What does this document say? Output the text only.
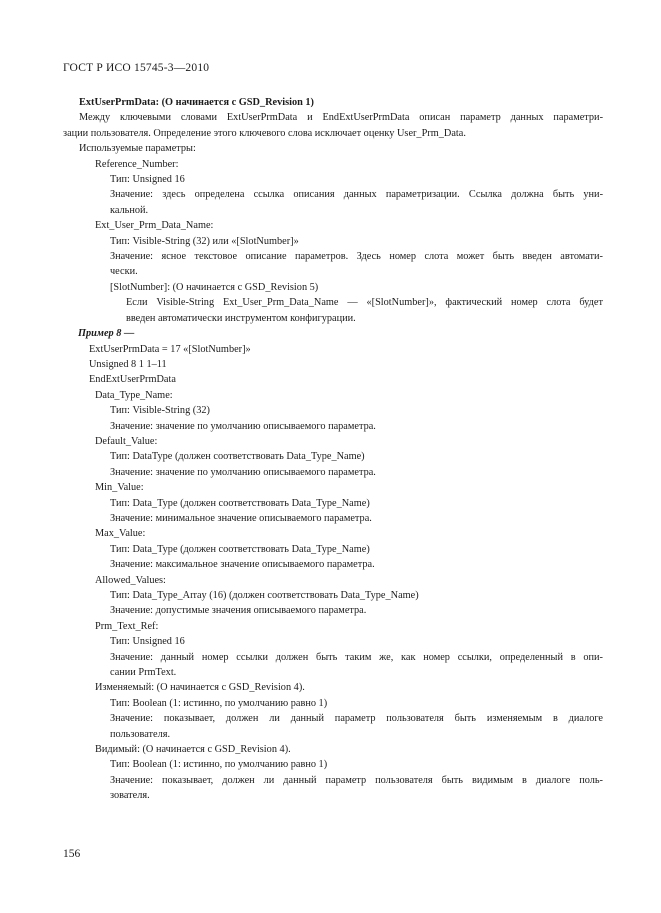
ГОСТ Р ИСО 15745-3—2010
ExtUserPrmData: (О начинается с GSD_Revision 1)
Между ключевыми словами ExtUserPrmData и EndExtUserPrmData описан параметр данных параметри-
зации пользователя. Определение этого ключевого слова исключает оценку User_Prm_Data.
Используемые параметры:
Reference_Number:
Тип: Unsigned 16
Значение: здесь определена ссылка описания данных параметризации. Ссылка должна быть уни-
кальной.
Ext_User_Prm_Data_Name:
Тип: Visible-String (32) или «[SlotNumber]»
Значение: ясное текстовое описание параметров. Здесь номер слота может быть введен автомати-
чески.
[SlotNumber]: (О начинается с GSD_Revision 5)
Если Visible-String Ext_User_Prm_Data_Name — «[SlotNumber]», фактический номер слота будет
введен автоматически инструментом конфигурации.
Пример 8 —
ExtUserPrmData = 17 «[SlotNumber]»
Unsigned 8 1 1–11
EndExtUserPrmData
Data_Type_Name:
Тип: Visible-String (32)
Значение: значение по умолчанию описываемого параметра.
Default_Value:
Тип: DataType (должен соответствовать Data_Type_Name)
Значение: значение по умолчанию описываемого параметра.
Min_Value:
Тип: Data_Type (должен соответствовать Data_Type_Name)
Значение: минимальное значение описываемого параметра.
Max_Value:
Тип: Data_Type (должен соответствовать Data_Type_Name)
Значение: максимальное значение описываемого параметра.
Allowed_Values:
Тип: Data_Type_Array (16) (должен соответствовать Data_Type_Name)
Значение: допустимые значения описываемого параметра.
Prm_Text_Ref:
Тип: Unsigned 16
Значение: данный номер ссылки должен быть таким же, как номер ссылки, определенный в опи-
сании PrmText.
Изменяемый: (О начинается с GSD_Revision 4).
Тип: Boolean (1: истинно, по умолчанию равно 1)
Значение: показывает, должен ли данный параметр пользователя быть изменяемым в диалоге
пользователя.
Видимый: (О начинается с GSD_Revision 4).
Тип: Boolean (1: истинно, по умолчанию равно 1)
Значение: показывает, должен ли данный параметр пользователя быть видимым в диалоге поль-
зователя.
156
